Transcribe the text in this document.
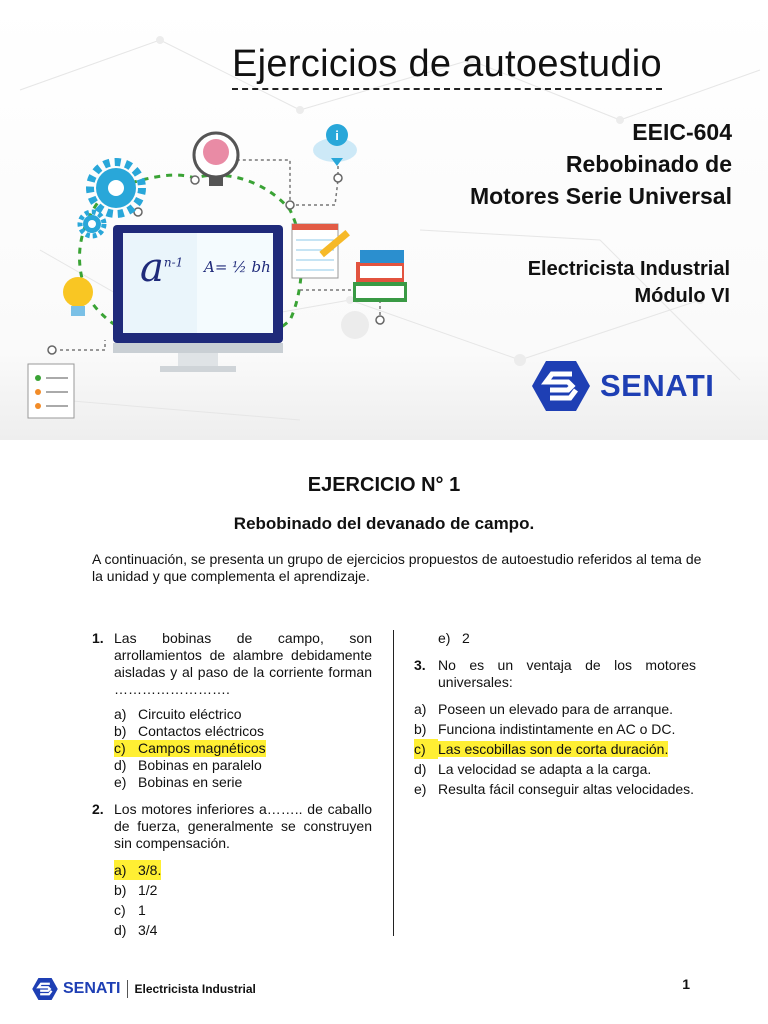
i
$a^{n-1}$ A= ½ bh
Ejercicios de autoestudio
EEIC-604
Rebobinado de
Motores Serie Universal
Electricista Industrial
Módulo VI
SENATI
EJERCICIO N° 1
Rebobinado del devanado de campo.
A continuación, se presenta un grupo de ejercicios propuestos de autoestudio referidos al tema de la unidad y que complementa el aprendizaje.
1. Las bobinas de campo, son arrollamientos de alambre debidamente aisladas y al paso de la corriente forman …………………….
a) Circuito eléctrico
b) Contactos eléctricos
c) Campos magnéticos
d) Bobinas en paralelo
e) Bobinas en serie
2. Los motores inferiores a…….. de caballo de fuerza, generalmente se construyen sin compensación.
a) 3/8.
b) 1/2
c) 1
d) 3/4
e) 2
3. No es un ventaja de los motores universales:
a) Poseen un elevado para de arranque.
b) Funciona indistintamente en AC o DC.
c) Las escobillas son de corta duración.
d) La velocidad se adapta a la carga.
e) Resulta fácil conseguir altas velocidades.
SENATI Electricista Industrial	1
